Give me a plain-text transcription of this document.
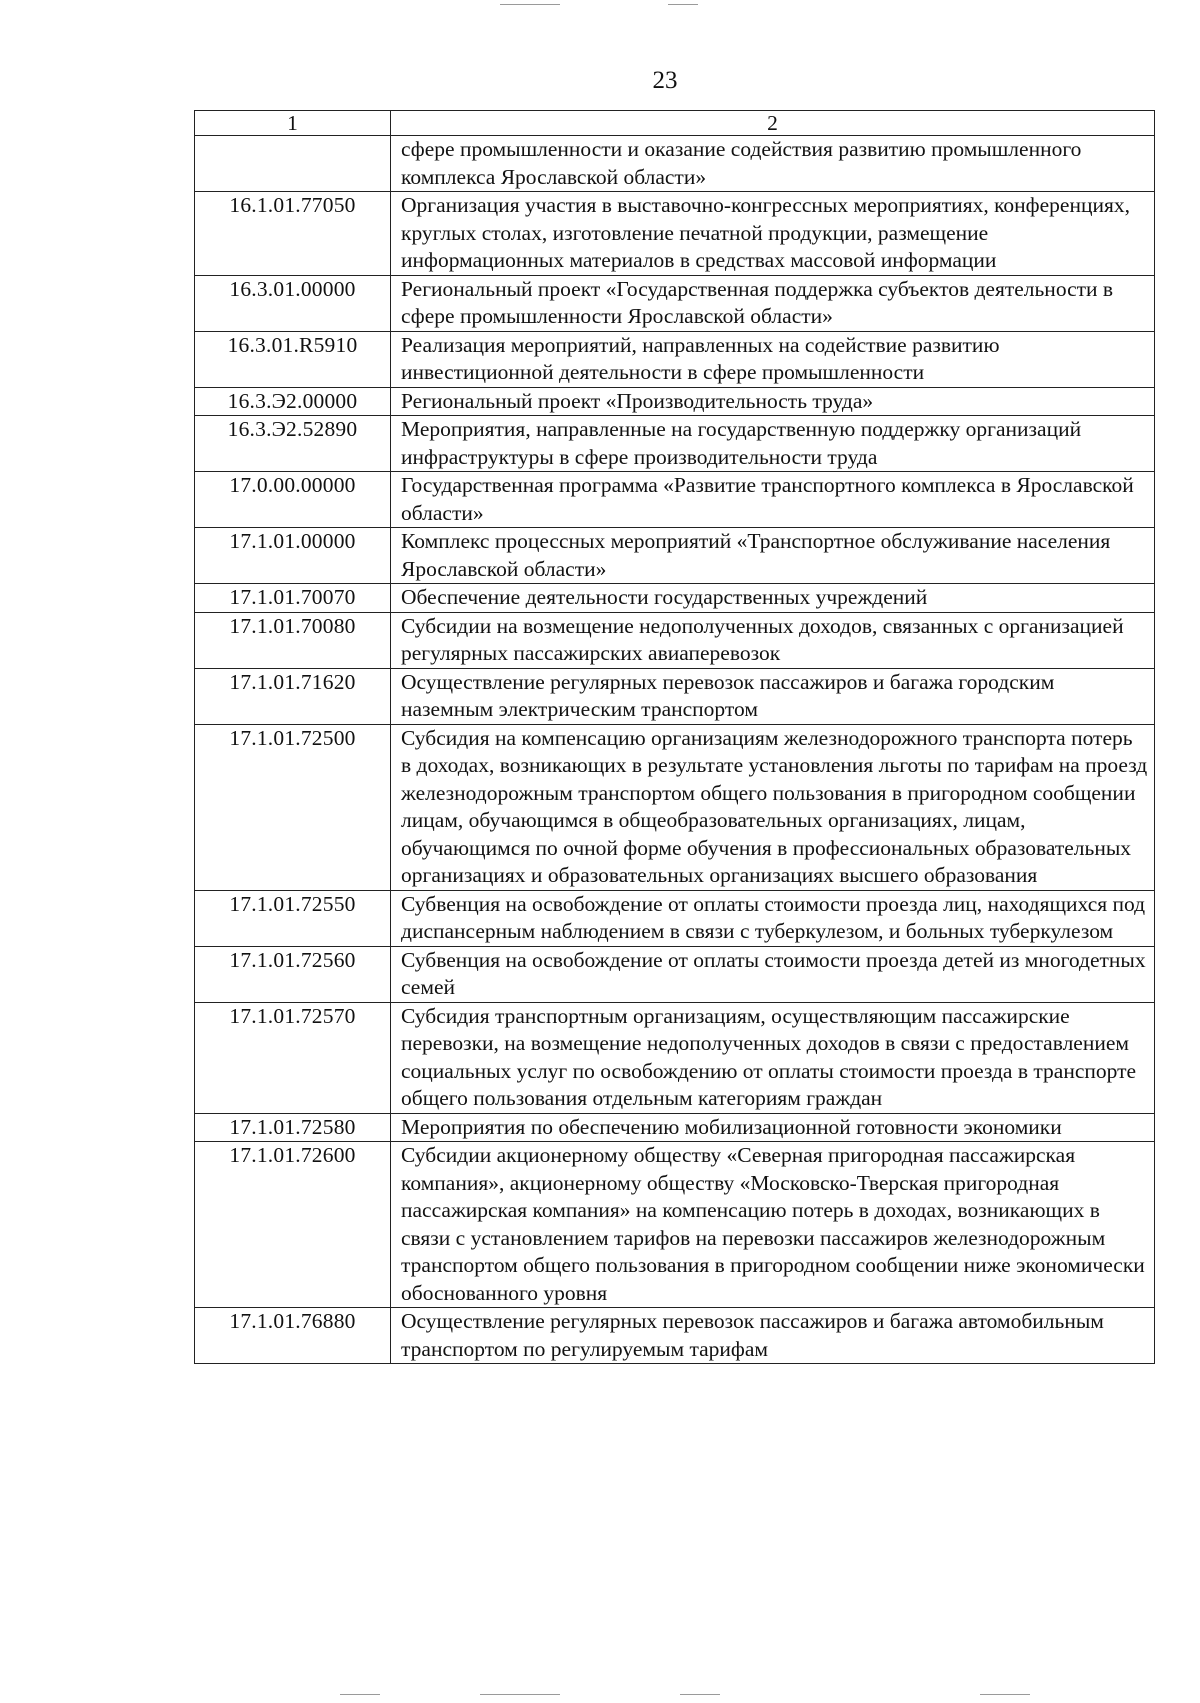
23
1	2
	сфере промышленности и оказание содействия развитию промышленного комплекса Ярославской области»
16.1.01.77050	Организация участия в выставочно-конгрессных мероприятиях, конференциях, круглых столах, изготовление печатной продукции, размещение информационных материалов в средствах массовой информации
16.3.01.00000	Региональный проект «Государственная поддержка субъектов деятельности в сфере промышленности Ярославской области»
16.3.01.R5910	Реализация мероприятий, направленных на содействие развитию инвестиционной деятельности в сфере промышленности
16.3.Э2.00000	Региональный проект «Производительность труда»
16.3.Э2.52890	Мероприятия, направленные на государственную поддержку организаций инфраструктуры в сфере производительности труда
17.0.00.00000	Государственная программа «Развитие транспортного комплекса в Ярославской области»
17.1.01.00000	Комплекс процессных мероприятий «Транспортное обслуживание населения Ярославской области»
17.1.01.70070	Обеспечение деятельности государственных учреждений
17.1.01.70080	Субсидии на возмещение недополученных доходов, связанных с организацией регулярных пассажирских авиаперевозок
17.1.01.71620	Осуществление регулярных перевозок пассажиров и багажа городским наземным электрическим транспортом
17.1.01.72500	Субсидия на компенсацию организациям железнодорожного транспорта потерь в доходах, возникающих в результате установления льготы по тарифам на проезд железнодорожным транспортом общего пользования в пригородном сообщении лицам, обучающимся в общеобразовательных организациях, лицам, обучающимся по очной форме обучения в профессиональных образовательных организациях и образовательных организациях высшего образования
17.1.01.72550	Субвенция на освобождение от оплаты стоимости проезда лиц, находящихся под диспансерным наблюдением в связи с туберкулезом, и больных туберкулезом
17.1.01.72560	Субвенция на освобождение от оплаты стоимости проезда детей из многодетных семей
17.1.01.72570	Субсидия транспортным организациям, осуществляющим пассажирские перевозки, на возмещение недополученных доходов в связи с предоставлением социальных услуг по освобождению от оплаты стоимости проезда в транспорте общего пользования отдельным категориям граждан
17.1.01.72580	Мероприятия по обеспечению мобилизационной готовности экономики
17.1.01.72600	Субсидии акционерному обществу «Северная пригородная пассажирская компания», акционерному обществу «Московско-Тверская пригородная пассажирская компания» на компенсацию потерь в доходах, возникающих в связи с установлением тарифов на перевозки пассажиров железнодорожным транспортом общего пользования в пригородном сообщении ниже экономически обоснованного уровня
17.1.01.76880	Осуществление регулярных перевозок пассажиров и багажа автомобильным транспортом по регулируемым тарифам
